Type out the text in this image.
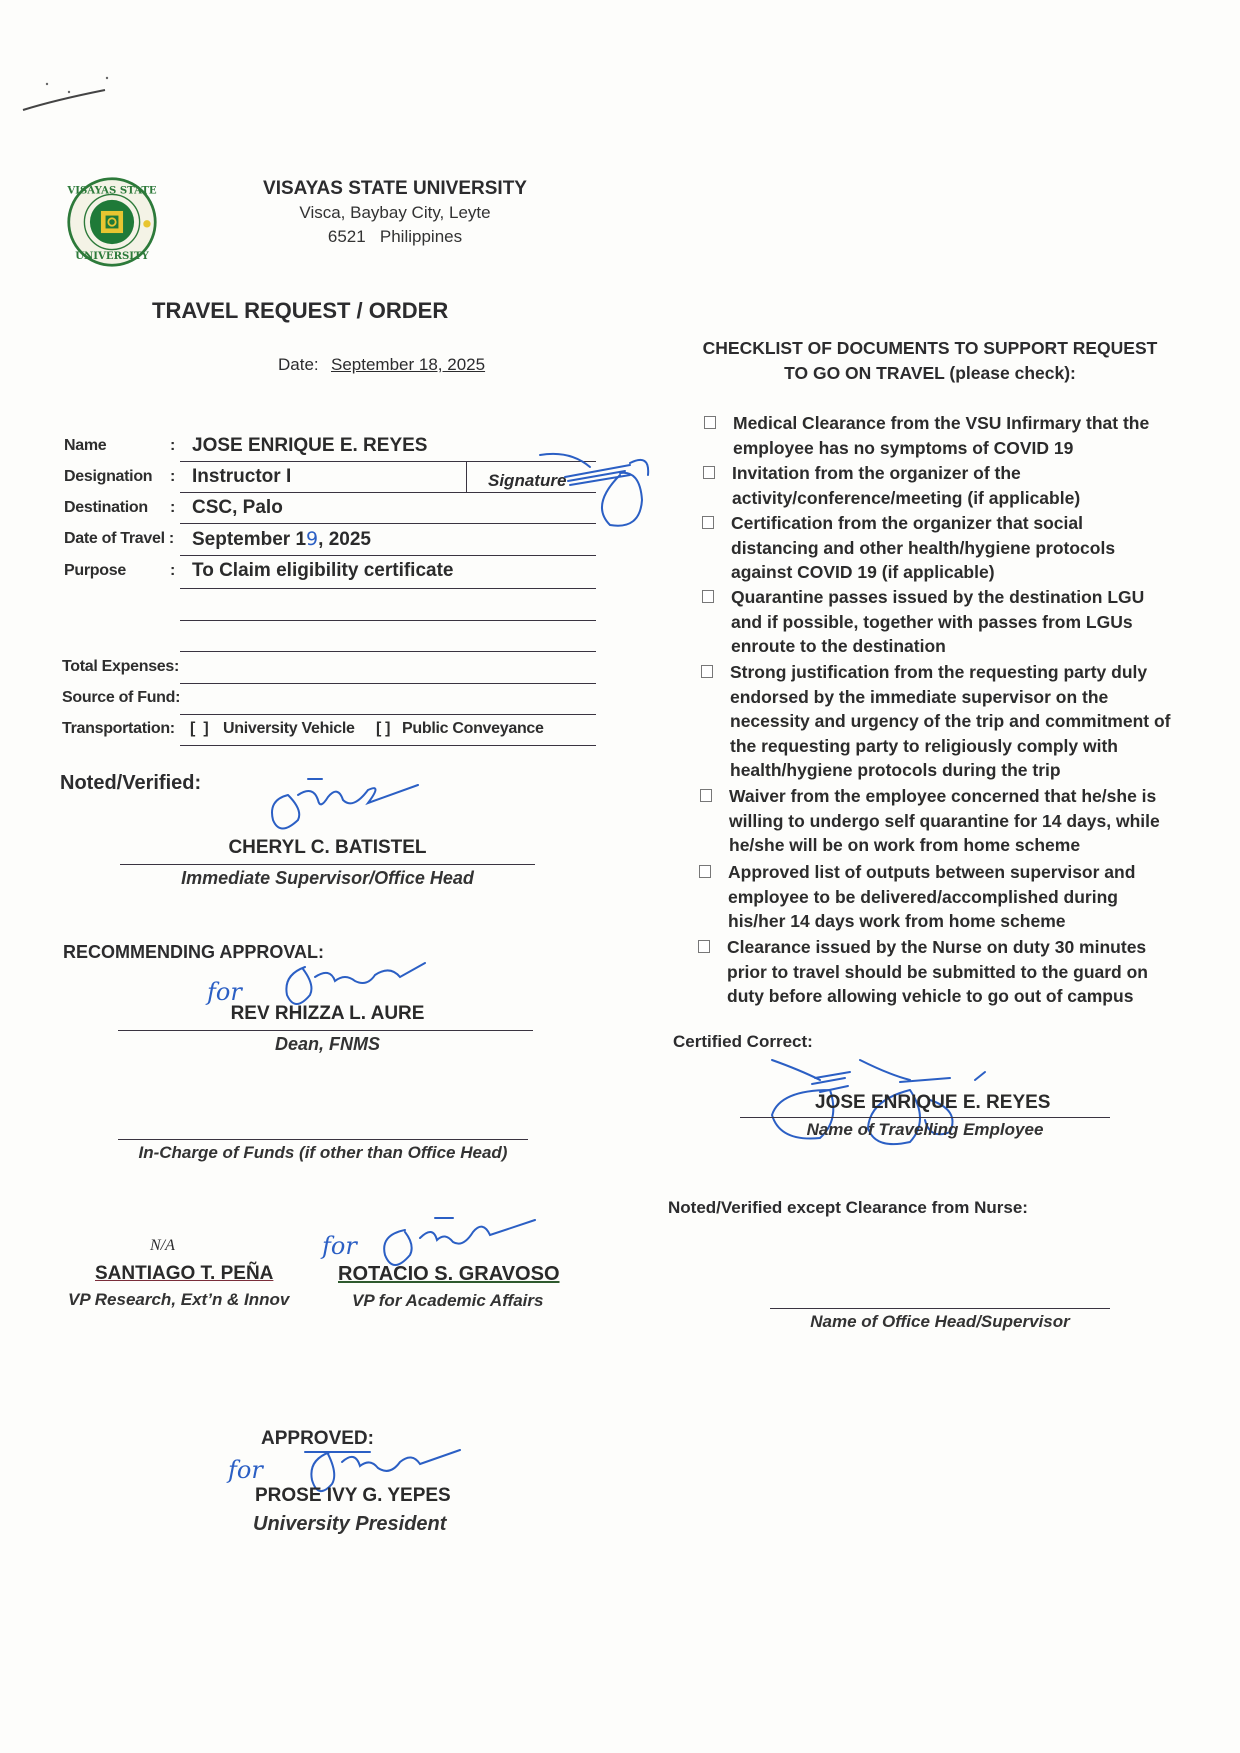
VISAYAS STATE
UNIVERSITY
VISAYAS STATE UNIVERSITY
Visca, Baybay City, Leyte
6521   Philippines
TRAVEL REQUEST / ORDER
Date: September 18, 2025
Name	: JOSE ENRIQUE E. REYES
Designation : Instructor I	Signature
Destination : CSC, Palo
Date of Travel : September 19, 2025
Purpose	: To Claim eligibility certificate
Total Expenses:
Source of Fund:
Transportation: [  ] University Vehicle [ ] Public Conveyance
Noted/Verified:
CHERYL C. BATISTEL
Immediate Supervisor/Office Head
RECOMMENDING APPROVAL:
for
REV RHIZZA L. AURE
Dean, FNMS
In-Charge of Funds (if other than Office Head)
N/A
SANTIAGO T. PEÑA
VP Research, Ext’n & Innov
for
ROTACIO S. GRAVOSO
VP for Academic Affairs
APPROVED:
for
PROSE IVY G. YEPES
University President
CHECKLIST OF DOCUMENTS TO SUPPORT REQUEST
TO GO ON TRAVEL (please check):
Medical Clearance from the VSU Infirmary that the employee has no symptoms of COVID 19
Invitation from the organizer of the activity/conference/meeting (if applicable)
Certification from the organizer that social distancing and other health/hygiene protocols against COVID 19 (if applicable)
Quarantine passes issued by the destination LGU and if possible, together with passes from LGUs enroute to the destination
Strong justification from the requesting party duly endorsed by the immediate supervisor on the necessity and urgency of the trip and commitment of the requesting party to religiously comply with health/hygiene protocols during the trip
Waiver from the employee concerned that he/she is willing to undergo self quarantine for 14 days, while he/she will be on work from home scheme
Approved list of outputs between supervisor and employee to be delivered/accomplished during his/her 14 days work from home scheme
Clearance issued by the Nurse on duty 30 minutes prior to travel should be submitted to the guard on duty before allowing vehicle to go out of campus
Certified Correct:
JOSE ENRIQUE E. REYES
Name of Travelling Employee
Noted/Verified except Clearance from Nurse:
Name of Office Head/Supervisor
